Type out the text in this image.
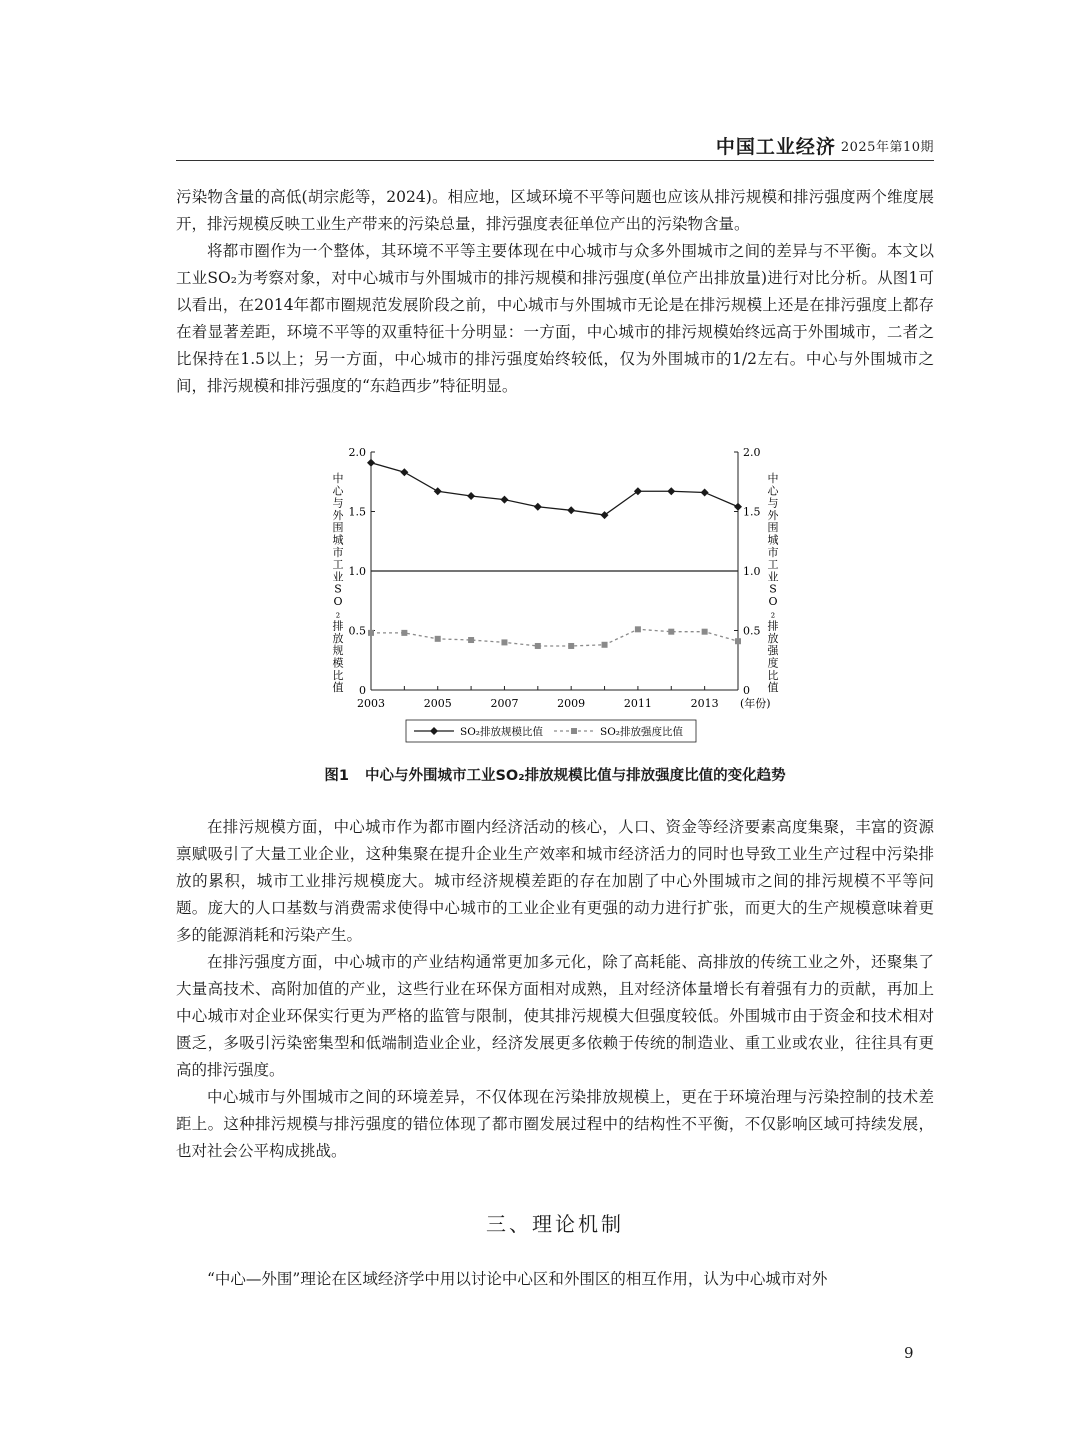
中国工业经济 2025年第10期

污染物含量的高低(胡宗彪等，2024)。相应地，区域环境不平等问题也应该从排污规模和排污强度两个维度展开，排污规模反映工业生产带来的污染总量，排污强度表征单位产出的污染物含量。

将都市圈作为一个整体，其环境不平等主要体现在中心城市与众多外围城市之间的差异与不平衡。本文以工业SO₂为考察对象，对中心城市与外围城市的排污规模和排污强度(单位产出排放量)进行对比分析。从图1可以看出，在2014年都市圈规范发展阶段之前，中心城市与外围城市无论是在排污规模上还是在排污强度上都存在着显著差距，环境不平等的双重特征十分明显：一方面，中心城市的排污规模始终远高于外围城市，二者之比保持在1.5以上；另一方面，中心城市的排污强度始终较低，仅为外围城市的1/2左右。中心与外围城市之间，排污规模和排污强度的“东趋西步”特征明显。

0	0
0.5	0.5
1.0	1.0
1.5	1.5
2.0	2.0
2003	2005	2007	2009	2011	2013 (年份)
中心与外围城市工业 S O ₂ 排放规模比值
中心与外围城市工业 S O ₂ 排放强度比值
SO₂排放规模比值	SO₂排放强度比值
图1 中心与外围城市工业SO₂排放规模比值与排放强度比值的变化趋势

在排污规模方面，中心城市作为都市圈内经济活动的核心，人口、资金等经济要素高度集聚，丰富的资源禀赋吸引了大量工业企业，这种集聚在提升企业生产效率和城市经济活力的同时也导致工业生产过程中污染排放的累积，城市工业排污规模庞大。城市经济规模差距的存在加剧了中心外围城市之间的排污规模不平等问题。庞大的人口基数与消费需求使得中心城市的工业企业有更强的动力进行扩张，而更大的生产规模意味着更多的能源消耗和污染产生。

在排污强度方面，中心城市的产业结构通常更加多元化，除了高耗能、高排放的传统工业之外，还聚集了大量高技术、高附加值的产业，这些行业在环保方面相对成熟，且对经济体量增长有着强有力的贡献，再加上中心城市对企业环保实行更为严格的监管与限制，使其排污规模大但强度较低。外围城市由于资金和技术相对匮乏，多吸引污染密集型和低端制造业企业，经济发展更多依赖于传统的制造业、重工业或农业，往往具有更高的排污强度。

中心城市与外围城市之间的环境差异，不仅体现在污染排放规模上，更在于环境治理与污染控制的技术差距上。这种排污规模与排污强度的错位体现了都市圈发展过程中的结构性不平衡，不仅影响区域可持续发展，也对社会公平构成挑战。

三、理论机制

“中心—外围”理论在区域经济学中用以讨论中心区和外围区的相互作用，认为中心城市对外

9
